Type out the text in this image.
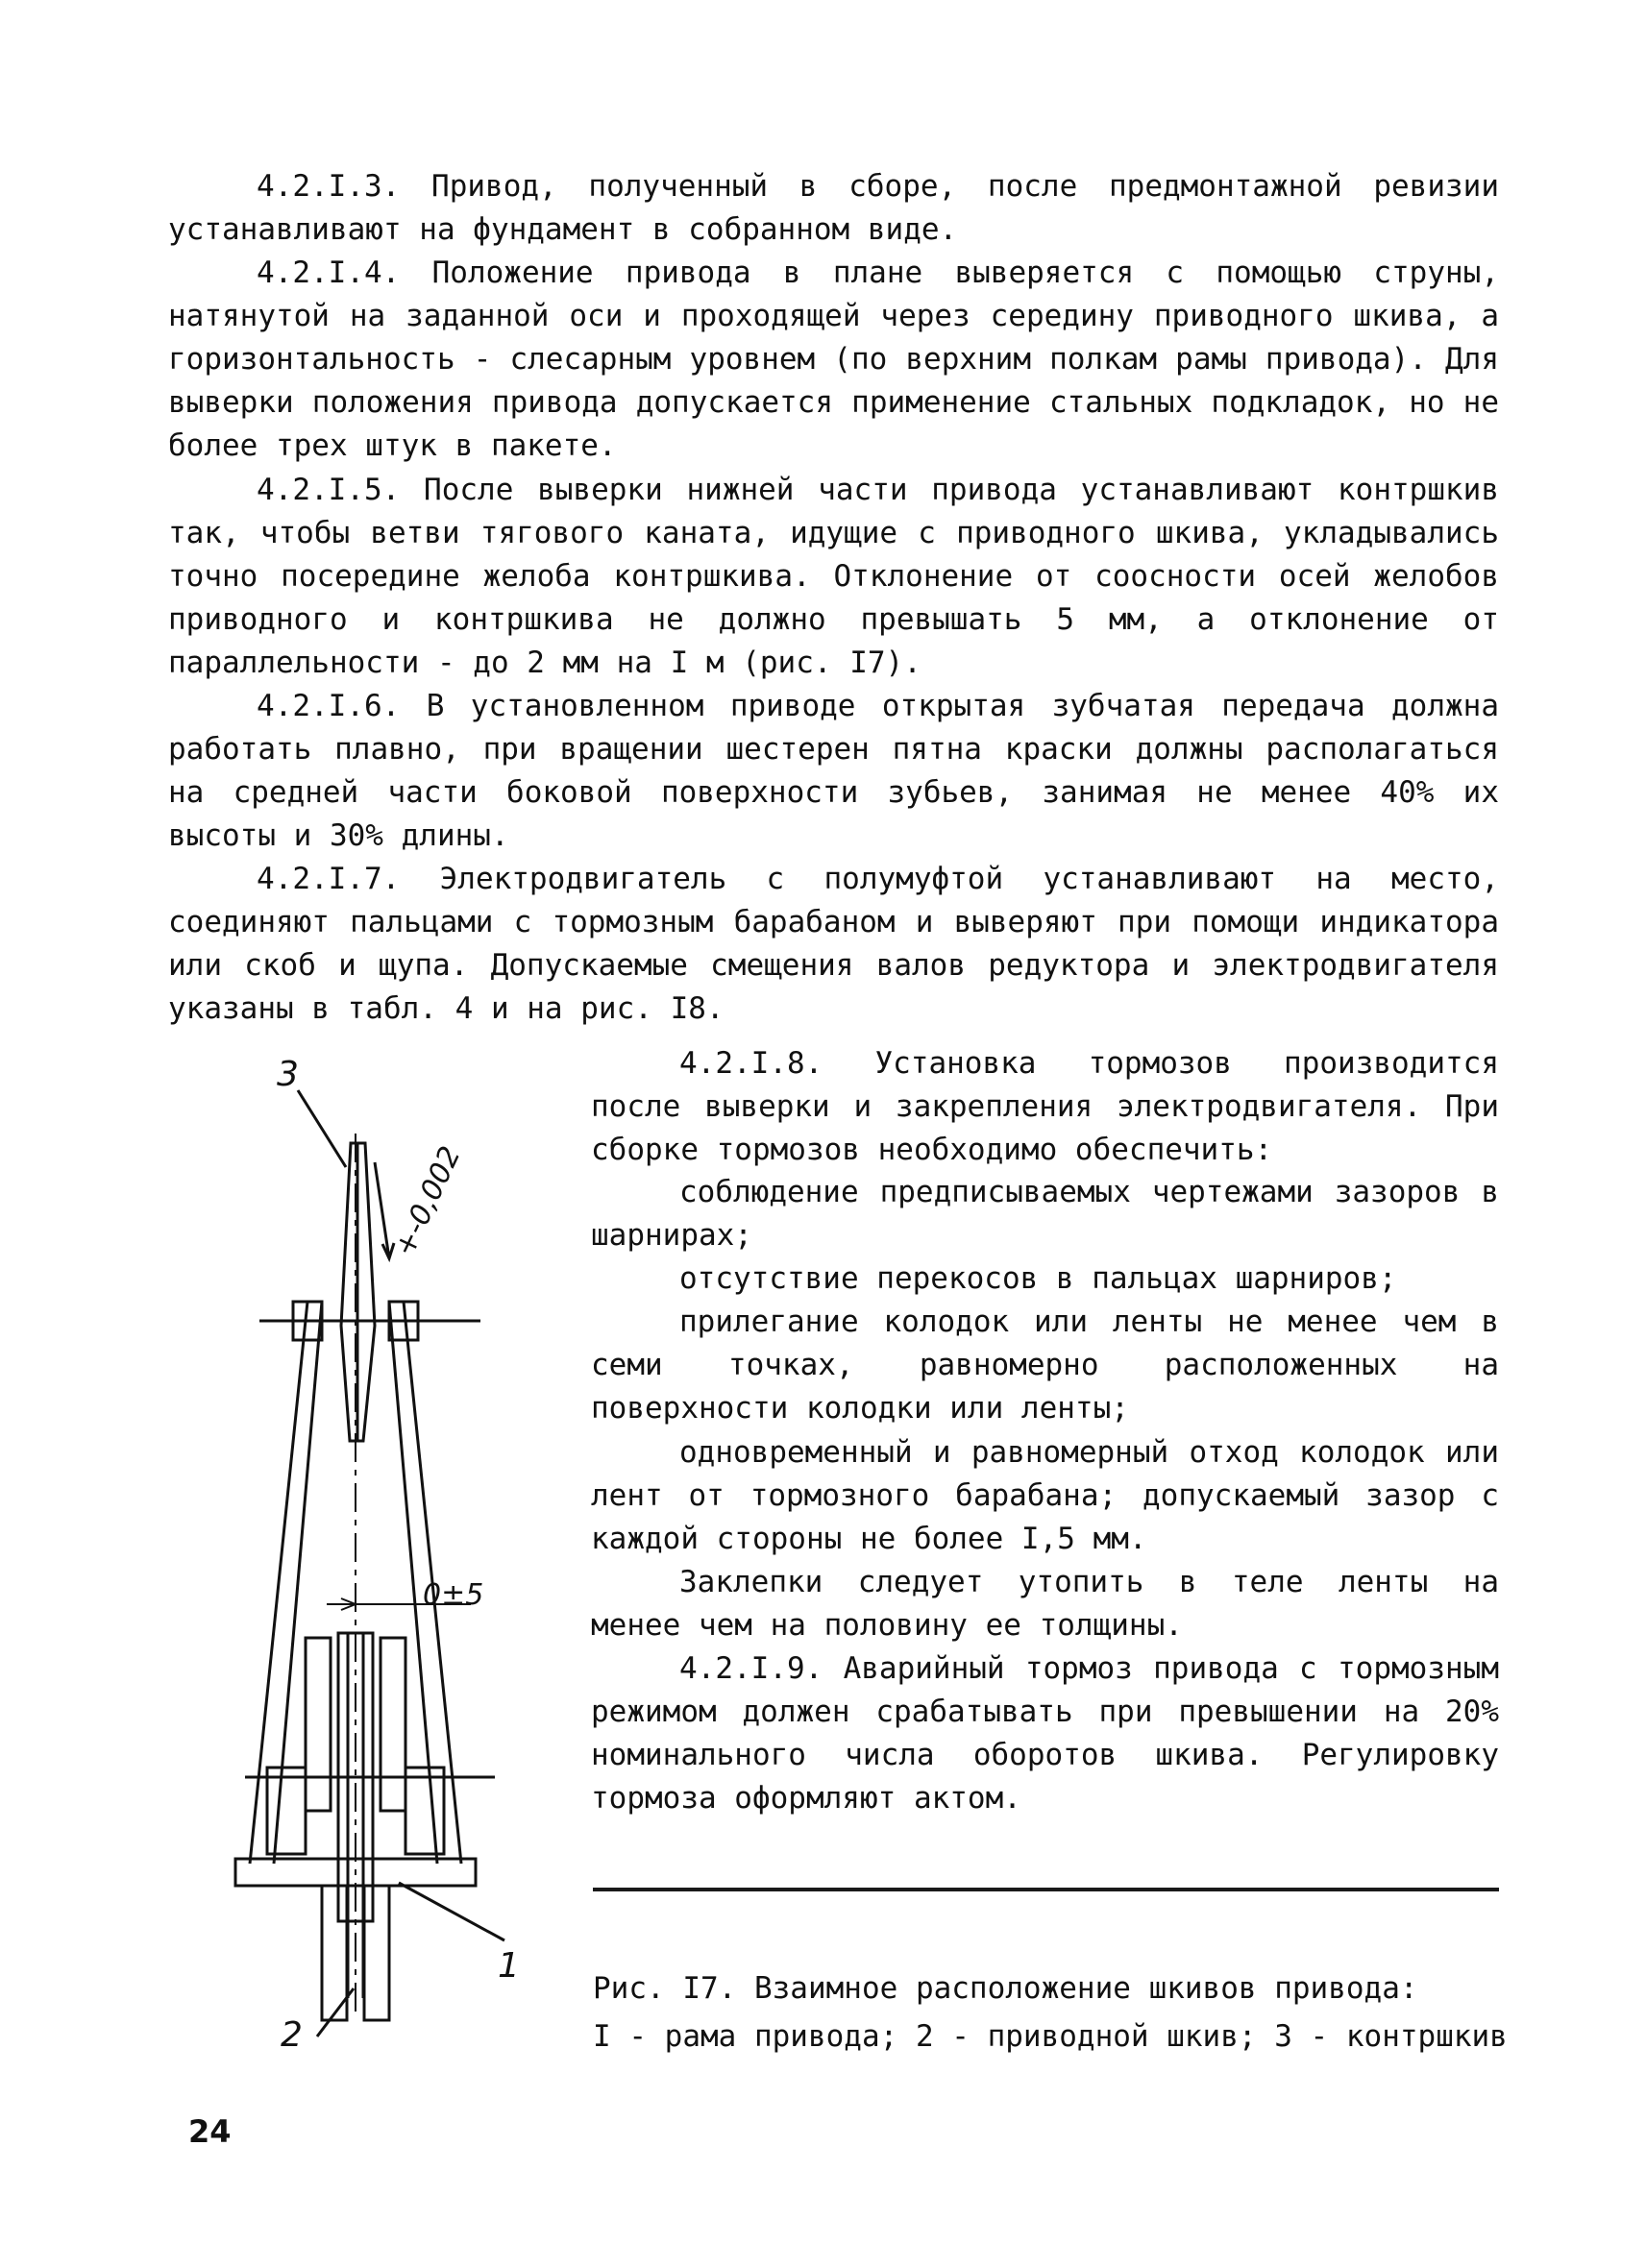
4.2.I.3. Привод, полученный в сборе, после предмонтажной ревизии устанавливают на фундамент в собранном виде.

4.2.I.4. Положение привода в плане выверяется с помощью струны, натянутой на заданной оси и проходящей через середину приводного шкива, а горизонтальность - слесарным уровнем (по верхним полкам рамы привода). Для выверки положения привода допускается применение стальных подкладок, но не более трех штук в пакете.

4.2.I.5. После выверки нижней части привода устанавливают контршкив так, чтобы ветви тягового каната, идущие с приводного шкива, укладывались точно посередине желоба контршкива. Отклонение от соосности осей желобов приводного и контршкива не должно превышать 5 мм, а отклонение от параллельности - до 2 мм на I м (рис. I7).

4.2.I.6. В установленном приводе открытая зубчатая передача должна работать плавно, при вращении шестерен пятна краски должны располагаться на средней части боковой поверхности зубьев, занимая не менее 40% их высоты и 30% длины.

4.2.I.7. Электродвигатель с полумуфтой устанавливают на место, соединяют пальцами с тормозным барабаном и выверяют при помощи индикатора или скоб и щупа. Допускаемые смещения валов редуктора и электродвигателя указаны в табл. 4 и на рис. I8.

4.2.I.8. Установка тормозов производится после выверки и закрепления электродвигателя. При сборке тормозов необходимо обеспечить:

соблюдение предписываемых чертежами зазоров в шарнирах;

отсутствие перекосов в пальцах шарниров;

прилегание колодок или ленты не менее чем в семи точках, равномерно расположенных на поверхности колодки или ленты;

одновременный и равномерный отход колодок или лент от тормозного барабана; допускаемый зазор с каждой стороны не более I,5 мм.

Заклепки следует утопить в теле ленты на менее чем на половину ее толщины.

4.2.I.9. Аварийный тормоз привода с тормозным режимом должен срабатывать при превышении на 20% номинального числа оборотов шкива. Регулировку тормоза оформляют актом.

3
1
2
0±5
+-0,002
Рис. I7. Взаимное расположение шкивов привода:
I - рама привода; 2 - приводной шкив; 3 - контршкив
24
